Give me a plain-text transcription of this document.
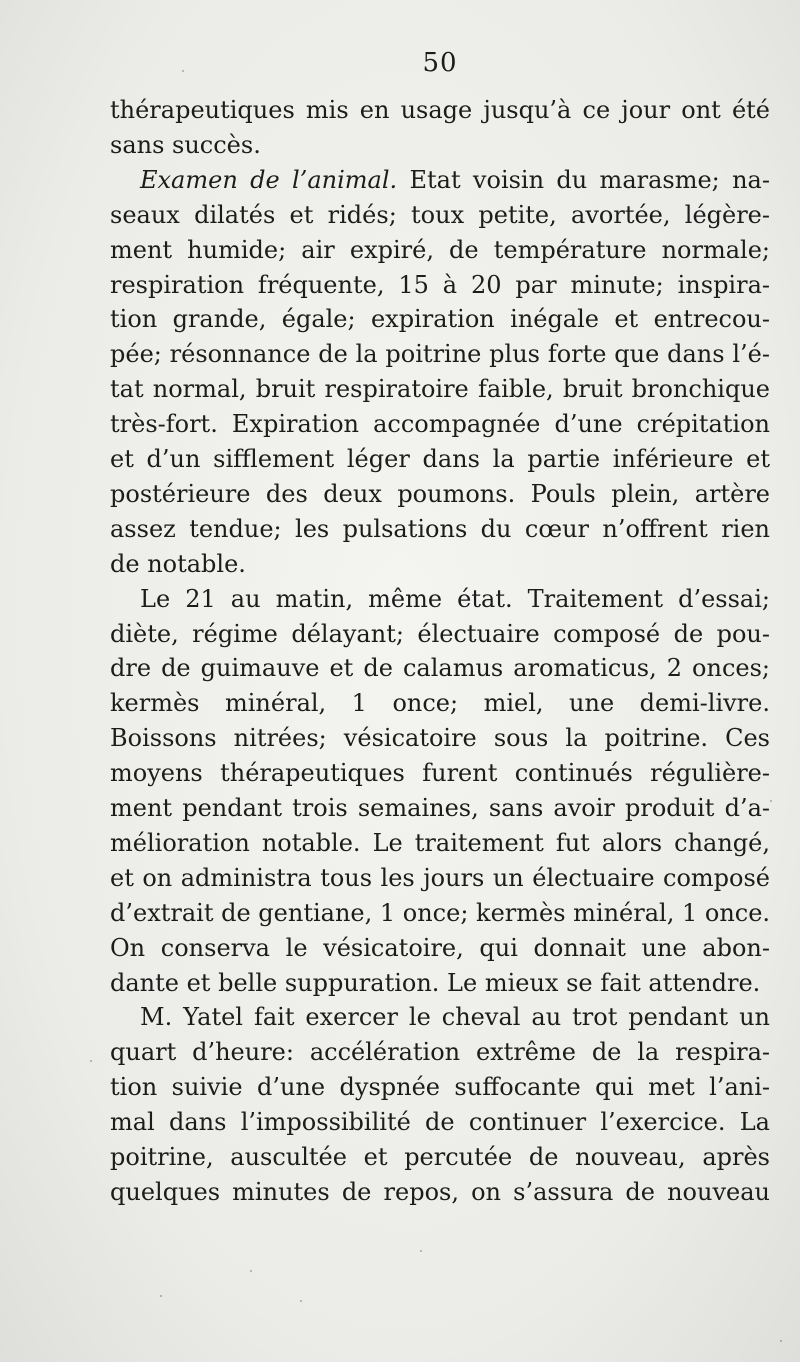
50
thérapeutiques mis en usage jusqu’à ce jour ont été
sans succès.
Examen de l’animal. Etat voisin du marasme; na-
seaux dilatés et ridés; toux petite, avortée, légère-
ment humide; air expiré, de température normale;
respiration fréquente, 15 à 20 par minute; inspira-
tion grande, égale; expiration inégale et entrecou-
pée; résonnance de la poitrine plus forte que dans l’é-
tat normal, bruit respiratoire faible, bruit bronchique
très-fort. Expiration accompagnée d’une crépitation
et d’un sifflement léger dans la partie inférieure et
postérieure des deux poumons. Pouls plein, artère
assez tendue; les pulsations du cœur n’offrent rien
de notable.
Le 21 au matin, même état. Traitement d’essai;
diète, régime délayant; électuaire composé de pou-
dre de guimauve et de calamus aromaticus, 2 onces;
kermès minéral, 1 once; miel, une demi-livre.
Boissons nitrées; vésicatoire sous la poitrine. Ces
moyens thérapeutiques furent continués régulière-
ment pendant trois semaines, sans avoir produit d’a-
mélioration notable. Le traitement fut alors changé,
et on administra tous les jours un électuaire composé
d’extrait de gentiane, 1 once; kermès minéral, 1 once.
On conserva le vésicatoire, qui donnait une abon-
dante et belle suppuration. Le mieux se fait attendre.
M. Yatel fait exercer le cheval au trot pendant un
quart d’heure: accélération extrême de la respira-
tion suivie d’une dyspnée suffocante qui met l’ani-
mal dans l’impossibilité de continuer l’exercice. La
poitrine, auscultée et percutée de nouveau, après
quelques minutes de repos, on s’assura de nouveau
